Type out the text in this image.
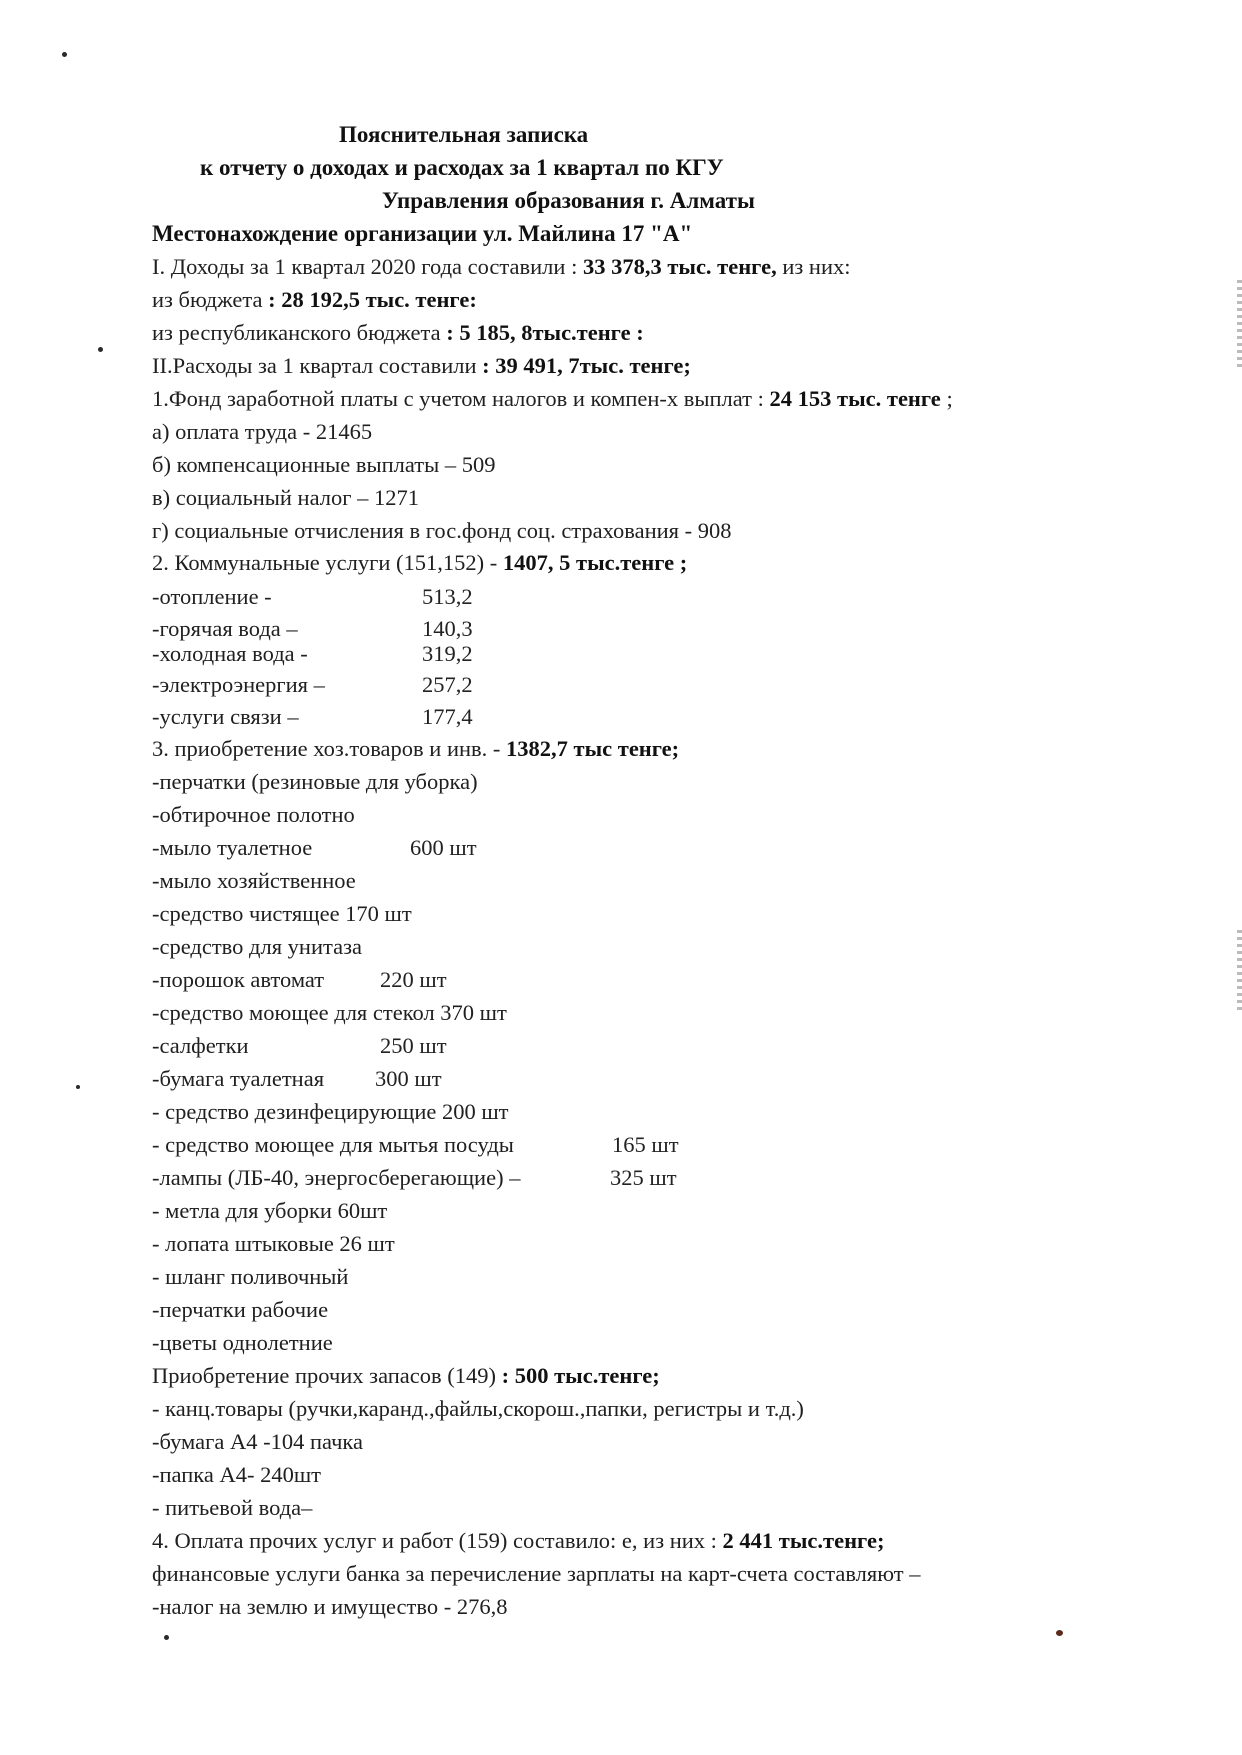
Пояснительная записка
к отчету о доходах и расходах за 1 квартал по КГУ
Управления образования г. Алматы
Местонахождение организации ул. Майлина 17 "А"
I. Доходы за 1 квартал 2020 года составили : 33 378,3 тыс. тенге, из них:
из бюджета : 28 192,5 тыс. тенге:
из республиканского бюджета : 5 185, 8тыс.тенге :
II.Расходы за 1 квартал составили : 39 491, 7тыс. тенге;
1.Фонд заработной платы с учетом налогов и компен-х выплат : 24 153 тыс. тенге ;
а) оплата труда - 21465
б) компенсационные выплаты – 509
в) социальный налог – 1271
г) социальные отчисления в гос.фонд соц. страхования - 908
2. Коммунальные услуги (151,152) - 1407, 5 тыс.тенге ;
-отопление -	513,2
-горячая вода –	140,3
-холодная вода -	319,2
-электроэнергия –	257,2
-услуги связи –	177,4
3. приобретение хоз.товаров и инв. - 1382,7 тыс тенге;
-перчатки (резиновые для уборка)
-обтирочное полотно
-мыло туалетное	600 шт
-мыло хозяйственное
-средство чистящее 170 шт
-средство для унитаза
-порошок автомат 220 шт
-средство моющее для стекол 370 шт
-салфетки	250 шт
-бумага туалетная 300 шт
- средство дезинфецирующие 200 шт
- средство моющее для мытья посуды	165 шт
-лампы (ЛБ-40, энергосберегающие) –	325 шт
- метла для уборки 60шт
- лопата штыковые 26 шт
- шланг поливочный
-перчатки рабочие
-цветы однолетние
Приобретение прочих запасов (149) : 500 тыс.тенге;
- канц.товары (ручки,каранд.,файлы,скорош.,папки, регистры и т.д.)
-бумага А4 -104 пачка
-папка А4- 240шт
- питьевой вода–
4. Оплата прочих услуг и работ (159) составило: е, из них : 2 441 тыс.тенге;
финансовые услуги банка за перечисление зарплаты на карт-счета составляют –
-налог на землю и имущество - 276,8
